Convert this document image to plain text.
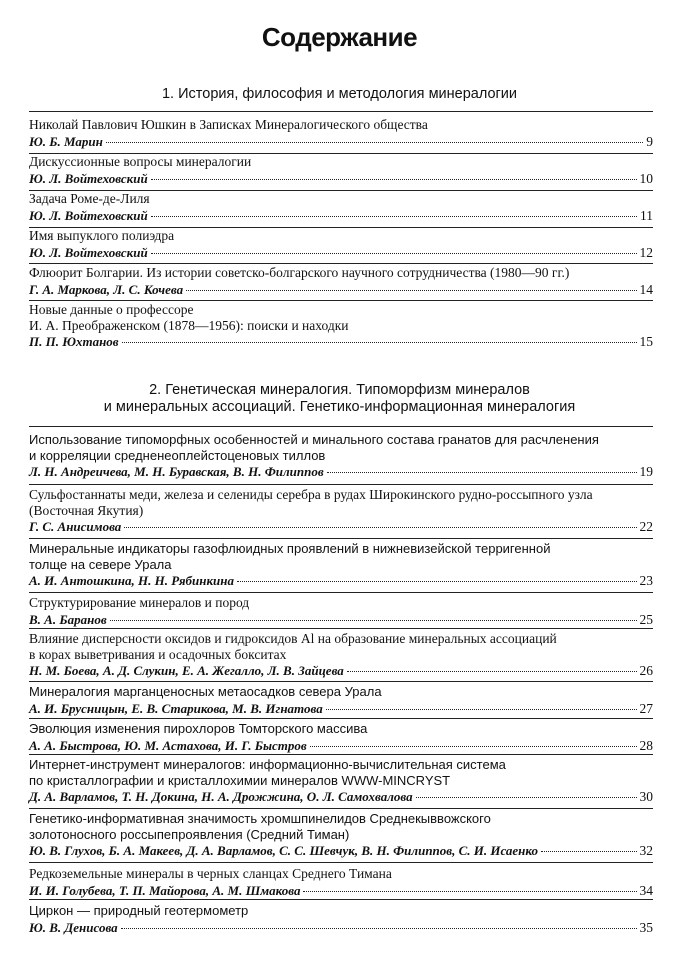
Содержание
1. История, философия и методология минералогии
Николай Павлович Юшкин в Записках Минералогического общества
Ю. Б. Марин	9
Дискуссионные вопросы минералогии
Ю. Л. Войтеховский	10
Задача Роме-де-Лиля
Ю. Л. Войтеховский	11
Имя выпуклого полиэдра
Ю. Л. Войтеховский	12
Флюорит Болгарии. Из истории советско-болгарского научного сотрудничества (1980—90 гг.)
Г. А. Маркова, Л. С. Кочева	14
Новые данные о профессоре
И. А. Преображенском (1878—1956): поиски и находки
П. П. Юхтанов	15
2. Генетическая минералогия. Типоморфизм минералов
и минеральных ассоциаций. Генетико-информационная минералогия
Использование типоморфных особенностей и минального состава гранатов для расчленения
и корреляции средненеоплейстоценовых тиллов
Л. Н. Андреичева, М. Н. Буравская, В. Н. Филиппов	19
Сульфостаннаты меди, железа и селениды серебра в рудах Широкинского рудно-россыпного узла
(Восточная Якутия)
Г. С. Анисимова	22
Минеральные индикаторы газофлюидных проявлений в нижневизейской терригенной
толще на севере Урала
А. И. Антошкина, Н. Н. Рябинкина	23
Структурирование минералов и пород
В. А. Баранов	25
Влияние дисперсности оксидов и гидроксидов Al на образование минеральных ассоциаций
в корах выветривания и осадочных бокситах
Н. М. Боева, А. Д. Слукин, Е. А. Жегалло, Л. В. Зайцева	26
Минералогия марганценосных метаосадков севера Урала
А. И. Брусницын, Е. В. Старикова, М. В. Игнатова	27
Эволюция изменения пирохлоров Томторского массива
А. А. Быстрова, Ю. М. Астахова, И. Г. Быстров	28
Интернет-инструмент минералогов: информационно-вычислительная система
по кристаллографии и кристаллохимии минералов WWW-MINCRYST
Д. А. Варламов, Т. Н. Докина, Н. А. Дрожжина, О. Л. Самохвалова	30
Генетико-информативная значимость хромшпинелидов Среднекыввожского
золотоносного россыпепроявления (Средний Тиман)
Ю. В. Глухов, Б. А. Макеев, Д. А. Варламов, С. С. Шевчук, В. Н. Филиппов, С. И. Исаенко	32
Редкоземельные минералы в черных сланцах Среднего Тимана
И. И. Голубева, Т. П. Майорова, А. М. Шмакова	34
Циркон — природный геотермометр
Ю. В. Денисова	35
